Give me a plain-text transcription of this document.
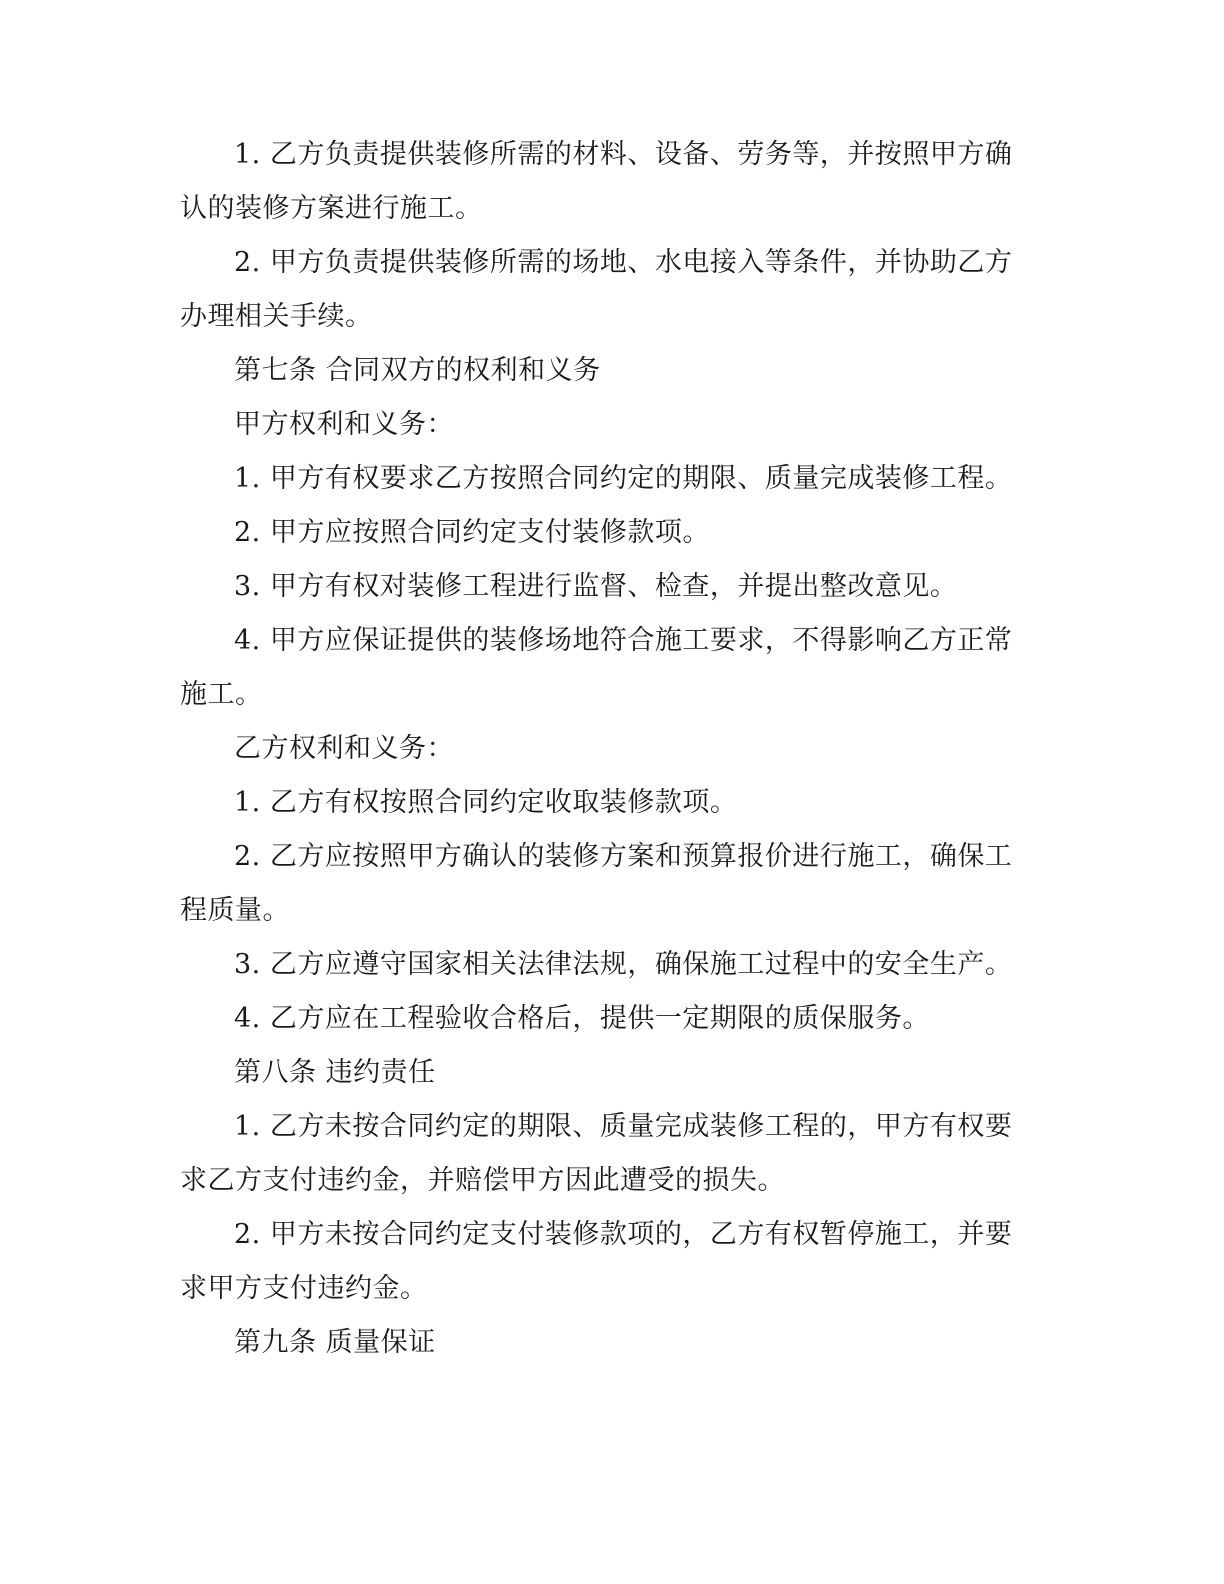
1. 乙方负责提供装修所需的材料、设备、劳务等，并按照甲方确认的装修方案进行施工。

2. 甲方负责提供装修所需的场地、水电接入等条件，并协助乙方办理相关手续。

第七条 合同双方的权利和义务

甲方权利和义务：

1. 甲方有权要求乙方按照合同约定的期限、质量完成装修工程。

2. 甲方应按照合同约定支付装修款项。

3. 甲方有权对装修工程进行监督、检查，并提出整改意见。

4. 甲方应保证提供的装修场地符合施工要求，不得影响乙方正常施工。

乙方权利和义务：

1. 乙方有权按照合同约定收取装修款项。

2. 乙方应按照甲方确认的装修方案和预算报价进行施工，确保工程质量。

3. 乙方应遵守国家相关法律法规，确保施工过程中的安全生产。

4. 乙方应在工程验收合格后，提供一定期限的质保服务。

第八条 违约责任

1. 乙方未按合同约定的期限、质量完成装修工程的，甲方有权要求乙方支付违约金，并赔偿甲方因此遭受的损失。

2. 甲方未按合同约定支付装修款项的，乙方有权暂停施工，并要求甲方支付违约金。

第九条 质量保证
